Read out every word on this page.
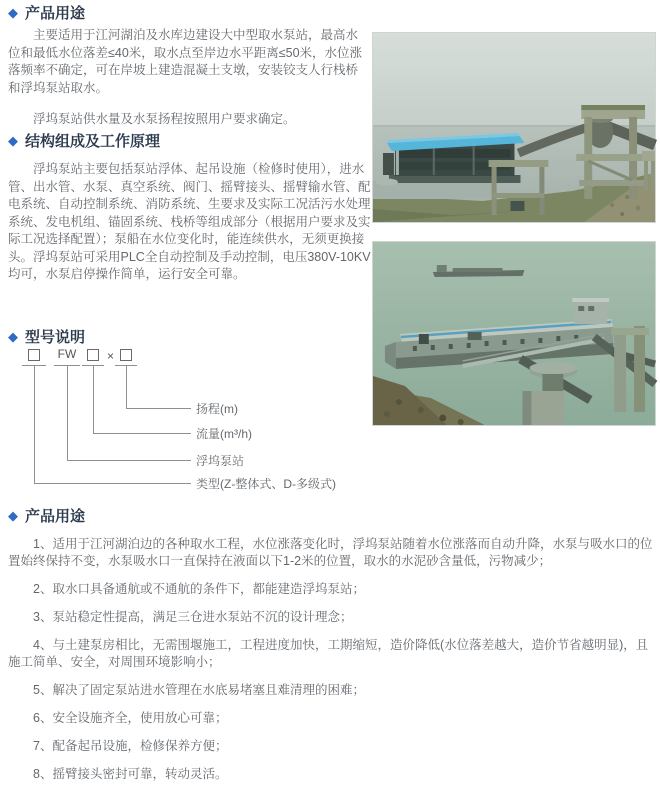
◆ 产品用途

主要适用于江河湖泊及水库边建设大中型取水泵站，最高水位和最低水位落差≤40米，取水点至岸边水平距离≤50米，水位涨落频率不确定，可在岸坡上建造混凝土支墩，安装铰支人行栈桥和浮坞泵站取水。

浮坞泵站供水量及水泵扬程按照用户要求确定。

◆ 结构组成及工作原理

浮坞泵站主要包括泵站浮体、起吊设施（检修时使用），进水管、出水管、水泵、真空系统、阀门、摇臂接头、摇臂输水管、配电系统、自动控制系统、消防系统、生要求及实际工况活污水处理系统、发电机组、锚固系统、栈桥等组成部分（根据用户要求及实际工况选择配置）；泵船在水位变化时，能连续供水，无须更换接头。浮坞泵站可采用PLC全自动控制及手动控制，电压380V-10KV均可，水泵启停操作简单，运行安全可靠。

◆ 型号说明
FW	×
扬程(m)
流量(m³/h)
浮坞泵站
类型(Z-整体式、D-多级式)
◆ 产品用途

1、适用于江河湖泊边的各种取水工程，水位涨落变化时，浮坞泵站随着水位涨落而自动升降，水泵与吸水口的位置始终保持不变，水泵吸水口一直保持在液面以下1-2米的位置，取水的水泥砂含量低，污物减少；

2、取水口具备通航或不通航的条件下，都能建造浮坞泵站；

3、泵站稳定性提高，满足三仓进水泵站不沉的设计理念；

4、与土建泵房相比，无需围堰施工，工程进度加快，工期缩短，造价降低(水位落差越大，造价节省越明显)，且施工简单、安全，对周围环境影响小；

5、解决了固定泵站进水管理在水底易堵塞且难清理的困难；

6、安全设施齐全，使用放心可靠；

7、配备起吊设施，检修保养方便；

8、摇臂接头密封可靠，转动灵活。
